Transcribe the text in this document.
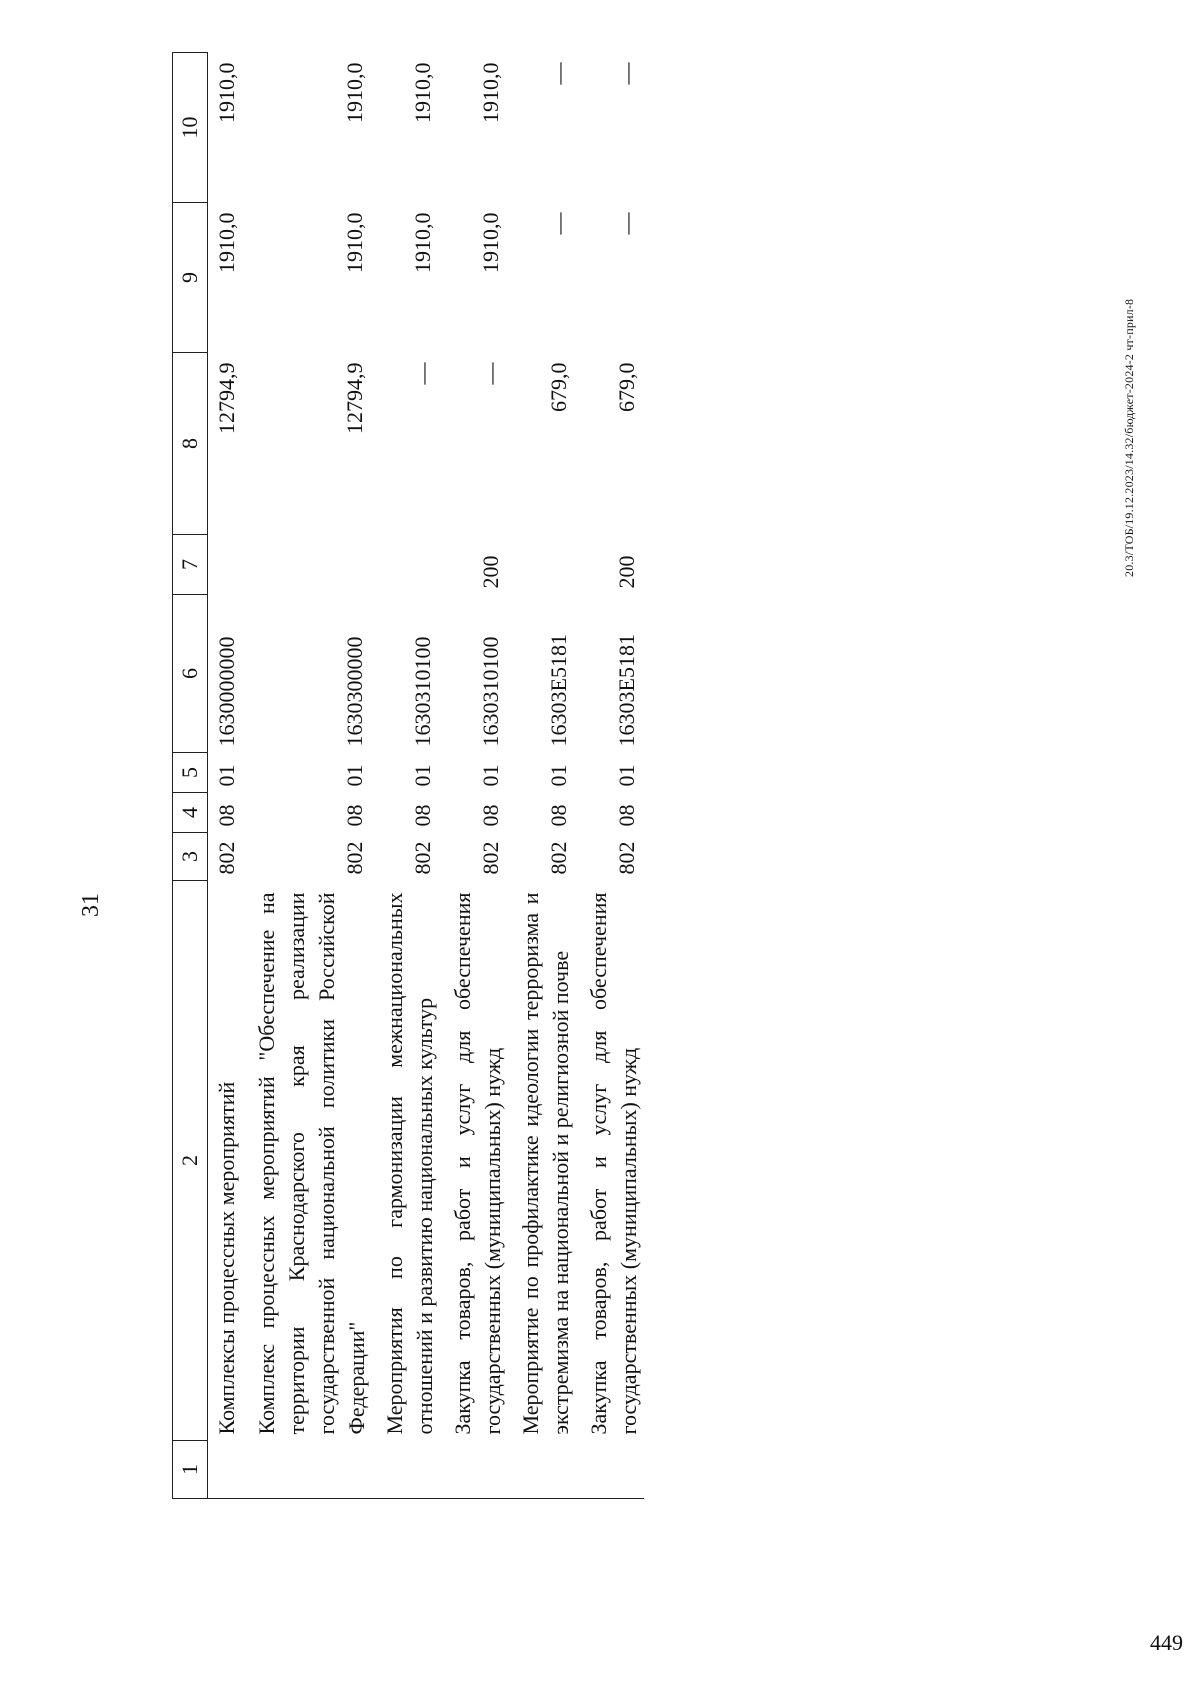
31
1	2	3	4	5	6	7	8	9	10
	Комплексы процессных мероприятий	802	08	01	1630000000		12794,9	1910,0	1910,0
	Комплекс процессных мероприятий "Обеспечение на территории Краснодарского края реализации государственной национальной политики Российской Федерации"	802	08	01	1630300000		12794,9	1910,0	1910,0
	Мероприятия по гармонизации межнациональных отношений и развитию национальных культур	802	08	01	1630310100		—	1910,0	1910,0
	Закупка товаров, работ и услуг для обеспечения государственных (муниципальных) нужд	802	08	01	1630310100	200	—	1910,0	1910,0
	Мероприятие по профилактике идеологии терроризма и экстремизма на национальной и религиозной почве	802	08	01	16303E5181		679,0	—	—
	Закупка товаров, работ и услуг для обеспечения государственных (муниципальных) нужд	802	08	01	16303E5181	200	679,0	—	—
20.3/ТОБ/19.12.2023/14.32/бюджет-2024-2 чт-прил-8
449
